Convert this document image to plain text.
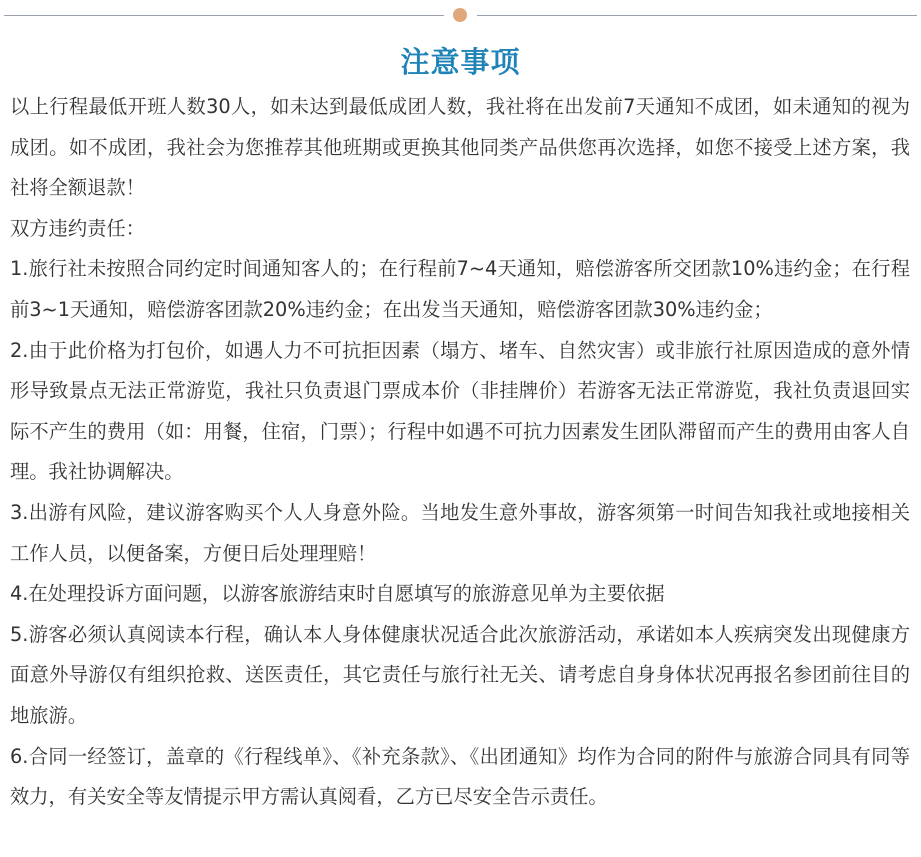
注意事项

以上行程最低开班人数30人，如未达到最低成团人数，我社将在出发前7天通知不成团，如未通知的视为成团。如不成团，我社会为您推荐其他班期或更换其他同类产品供您再次选择，如您不接受上述方案，我社将全额退款！

双方违约责任：

1.旅行社未按照合同约定时间通知客人的；在行程前7~4天通知，赔偿游客所交团款10%违约金；在行程前3~1天通知，赔偿游客团款20%违约金；在出发当天通知，赔偿游客团款30%违约金；

2.由于此价格为打包价，如遇人力不可抗拒因素（塌方、堵车、自然灾害）或非旅行社原因造成的意外情形导致景点无法正常游览，我社只负责退门票成本价（非挂牌价）若游客无法正常游览，我社负责退回实际不产生的费用（如：用餐，住宿，门票）；行程中如遇不可抗力因素发生团队滞留而产生的费用由客人自理。我社协调解决。

3.出游有风险，建议游客购买个人人身意外险。当地发生意外事故，游客须第一时间告知我社或地接相关工作人员，以便备案，方便日后处理理赔！

4.在处理投诉方面问题，以游客旅游结束时自愿填写的旅游意见单为主要依据

5.游客必须认真阅读本行程，确认本人身体健康状况适合此次旅游活动，承诺如本人疾病突发出现健康方面意外导游仅有组织抢救、送医责任，其它责任与旅行社无关、请考虑自身身体状况再报名参团前往目的地旅游。

6.合同一经签订，盖章的《行程线单》、《补充条款》、《出团通知》均作为合同的附件与旅游合同具有同等效力，有关安全等友情提示甲方需认真阅看，乙方已尽安全告示责任。
